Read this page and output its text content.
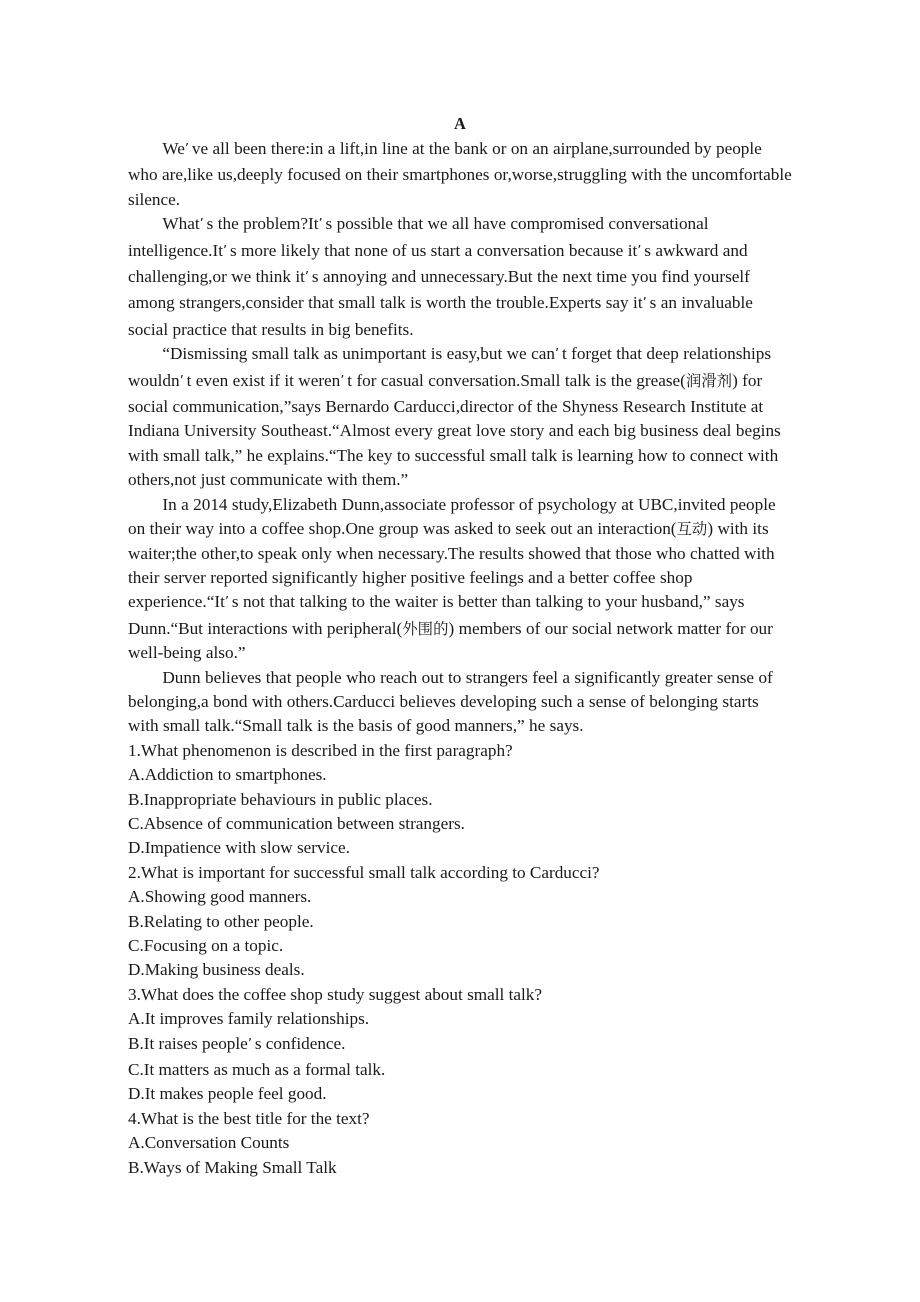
A

We’ve all been there:in a lift,in line at the bank or on an airplane,surrounded by people who are,like us,deeply focused on their smartphones or,worse,struggling with the uncomfortable silence.

What’s the problem?It’s possible that we all have compromised conversational intelligence.It’s more likely that none of us start a conversation because it’s awkward and challenging,or we think it’s annoying and unnecessary.But the next time you find yourself among strangers,consider that small talk is worth the trouble.Experts say it’s an invaluable social practice that results in big benefits.

“Dismissing small talk as unimportant is easy,but we can’t forget that deep relationships wouldn’t even exist if it weren’t for casual conversation.Small talk is the grease(润滑剂) for social communication,”says Bernardo Carducci,director of the Shyness Research Institute at Indiana University Southeast.“Almost every great love story and each big business deal begins with small talk,” he explains.“The key to successful small talk is learning how to connect with others,not just communicate with them.”

In a 2014 study,Elizabeth Dunn,associate professor of psychology at UBC,invited people on their way into a coffee shop.One group was asked to seek out an interaction(互动) with its waiter;the other,to speak only when necessary.The results showed that those who chatted with their server reported significantly higher positive feelings and a better coffee shop experience.“It’s not that talking to the waiter is better than talking to your husband,” says Dunn.“But interactions with peripheral(外围的) members of our social network matter for our well-being also.”

Dunn believes that people who reach out to strangers feel a significantly greater sense of belonging,a bond with others.Carducci believes developing such a sense of belonging starts with small talk.“Small talk is the basis of good manners,” he says.

1.What phenomenon is described in the first paragraph?

A.Addiction to smartphones.

B.Inappropriate behaviours in public places.

C.Absence of communication between strangers.

D.Impatience with slow service.

2.What is important for successful small talk according to Carducci?

A.Showing good manners.

B.Relating to other people.

C.Focusing on a topic.

D.Making business deals.

3.What does the coffee shop study suggest about small talk?

A.It improves family relationships.

B.It raises people’s confidence.

C.It matters as much as a formal talk.

D.It makes people feel good.

4.What is the best title for the text?

A.Conversation Counts

B.Ways of Making Small Talk
